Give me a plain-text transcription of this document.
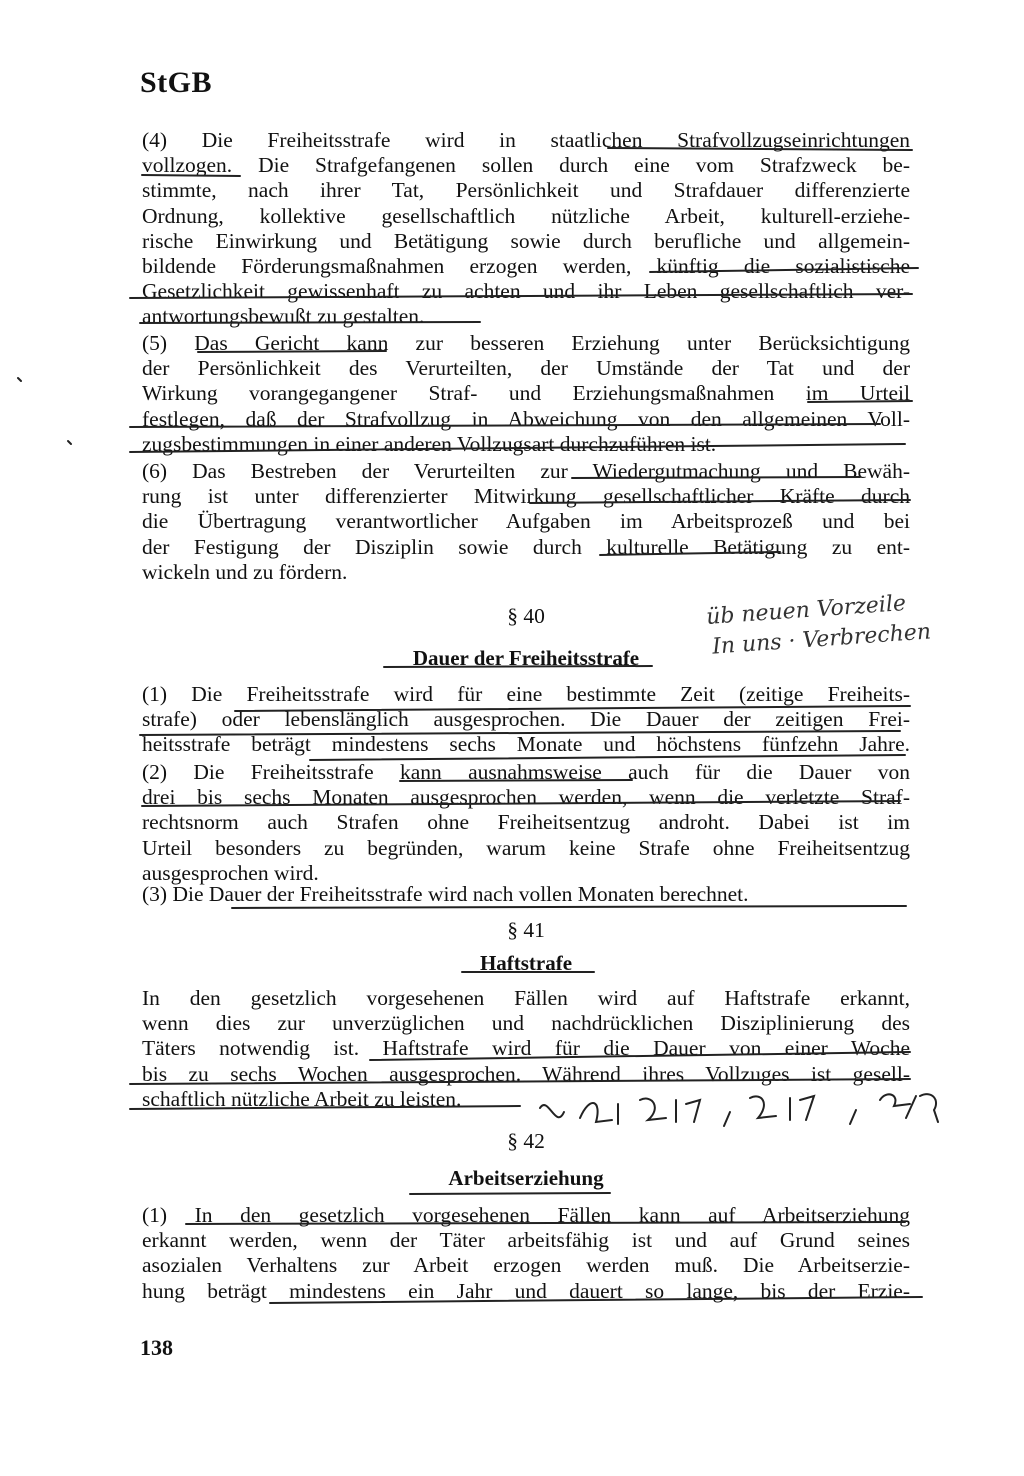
StGB
(4) Die Freiheitsstrafe wird in staatlichen Strafvollzugseinrichtungen
vollzogen. Die Strafgefangenen sollen durch eine vom Strafzweck be-
stimmte, nach ihrer Tat, Persönlichkeit und Strafdauer differenzierte
Ordnung, kollektive gesellschaftlich nützliche Arbeit, kulturell-erziehe-
rische Einwirkung und Betätigung sowie durch berufliche und allgemein-
bildende Förderungsmaßnahmen erzogen werden, künftig die sozialistische
Gesetzlichkeit gewissenhaft zu achten und ihr Leben gesellschaftlich ver-
antwortungsbewußt zu gestalten.
(5) Das Gericht kann zur besseren Erziehung unter Berücksichtigung
der Persönlichkeit des Verurteilten, der Umstände der Tat und der
Wirkung vorangegangener Straf- und Erziehungsmaßnahmen im Urteil
festlegen, daß der Strafvollzug in Abweichung von den allgemeinen Voll-
zugsbestimmungen in einer anderen Vollzugsart durchzuführen ist.
(6) Das Bestreben der Verurteilten zur Wiedergutmachung und Bewäh-
rung ist unter differenzierter Mitwirkung gesellschaftlicher Kräfte durch
die Übertragung verantwortlicher Aufgaben im Arbeitsprozeß und bei
der Festigung der Disziplin sowie durch kulturelle Betätigung zu ent-
wickeln und zu fördern.
§ 40
Dauer der Freiheitsstrafe
(1) Die Freiheitsstrafe wird für eine bestimmte Zeit (zeitige Freiheits-
strafe) oder lebenslänglich ausgesprochen. Die Dauer der zeitigen Frei-
heitsstrafe beträgt mindestens sechs Monate und höchstens fünfzehn Jahre.
(2) Die Freiheitsstrafe kann ausnahmsweise auch für die Dauer von
drei bis sechs Monaten ausgesprochen werden, wenn die verletzte Straf-
rechtsnorm auch Strafen ohne Freiheitsentzug androht. Dabei ist im
Urteil besonders zu begründen, warum keine Strafe ohne Freiheitsentzug
ausgesprochen wird.
(3) Die Dauer der Freiheitsstrafe wird nach vollen Monaten berechnet.
§ 41
Haftstrafe
In den gesetzlich vorgesehenen Fällen wird auf Haftstrafe erkannt,
wenn dies zur unverzüglichen und nachdrücklichen Disziplinierung des
Täters notwendig ist. Haftstrafe wird für die Dauer von einer Woche
bis zu sechs Wochen ausgesprochen. Während ihres Vollzuges ist gesell-
schaftlich nützliche Arbeit zu leisten.
§ 42
Arbeitserziehung
(1) In den gesetzlich vorgesehenen Fällen kann auf Arbeitserziehung
erkannt werden, wenn der Täter arbeitsfähig ist und auf Grund seines
asozialen Verhaltens zur Arbeit erzogen werden muß. Die Arbeitserzie-
hung beträgt mindestens ein Jahr und dauert so lange, bis der Erzie-
138
üb neuen Vorzeile
In uns · Verbrechen
